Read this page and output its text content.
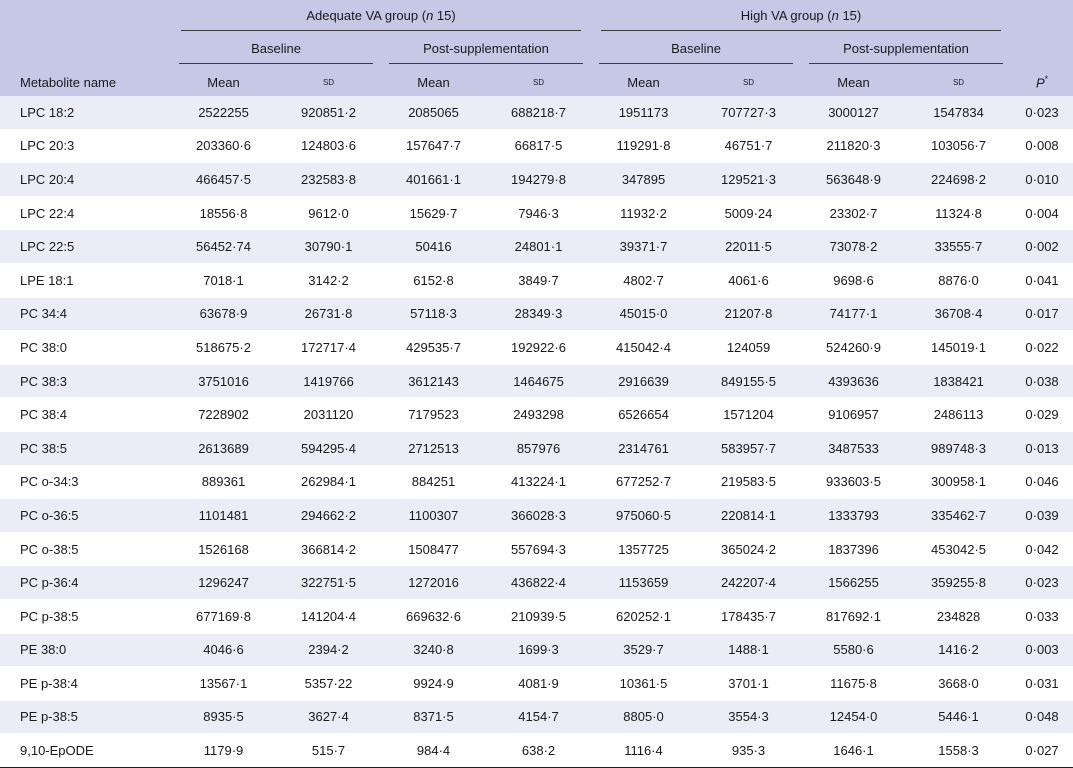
	Adequate VA group (n 15)				High VA group (n 15)				
	Baseline		Post-supplementation		Baseline		Post-supplementation		
Metabolite name	Mean	sd	Mean	sd	Mean	sd	Mean	sd	P*
LPC 18:2	2522255	920851·2	2085065	688218·7	1951173	707727·3	3000127	1547834	0·023
LPC 20:3	203360·6	124803·6	157647·7	66817·5	119291·8	46751·7	211820·3	103056·7	0·008
LPC 20:4	466457·5	232583·8	401661·1	194279·8	347895	129521·3	563648·9	224698·2	0·010
LPC 22:4	18556·8	9612·0	15629·7	7946·3	11932·2	5009·24	23302·7	11324·8	0·004
LPC 22:5	56452·74	30790·1	50416	24801·1	39371·7	22011·5	73078·2	33555·7	0·002
LPE 18:1	7018·1	3142·2	6152·8	3849·7	4802·7	4061·6	9698·6	8876·0	0·041
PC 34:4	63678·9	26731·8	57118·3	28349·3	45015·0	21207·8	74177·1	36708·4	0·017
PC 38:0	518675·2	172717·4	429535·7	192922·6	415042·4	124059	524260·9	145019·1	0·022
PC 38:3	3751016	1419766	3612143	1464675	2916639	849155·5	4393636	1838421	0·038
PC 38:4	7228902	2031120	7179523	2493298	6526654	1571204	9106957	2486113	0·029
PC 38:5	2613689	594295·4	2712513	857976	2314761	583957·7	3487533	989748·3	0·013
PC o-34:3	889361	262984·1	884251	413224·1	677252·7	219583·5	933603·5	300958·1	0·046
PC o-36:5	1101481	294662·2	1100307	366028·3	975060·5	220814·1	1333793	335462·7	0·039
PC o-38:5	1526168	366814·2	1508477	557694·3	1357725	365024·2	1837396	453042·5	0·042
PC p-36:4	1296247	322751·5	1272016	436822·4	1153659	242207·4	1566255	359255·8	0·023
PC p-38:5	677169·8	141204·4	669632·6	210939·5	620252·1	178435·7	817692·1	234828	0·033
PE 38:0	4046·6	2394·2	3240·8	1699·3	3529·7	1488·1	5580·6	1416·2	0·003
PE p-38:4	13567·1	5357·22	9924·9	4081·9	10361·5	3701·1	11675·8	3668·0	0·031
PE p-38:5	8935·5	3627·4	8371·5	4154·7	8805·0	3554·3	12454·0	5446·1	0·048
9,10-EpODE	1179·9	515·7	984·4	638·2	1116·4	935·3	1646·1	1558·3	0·027
